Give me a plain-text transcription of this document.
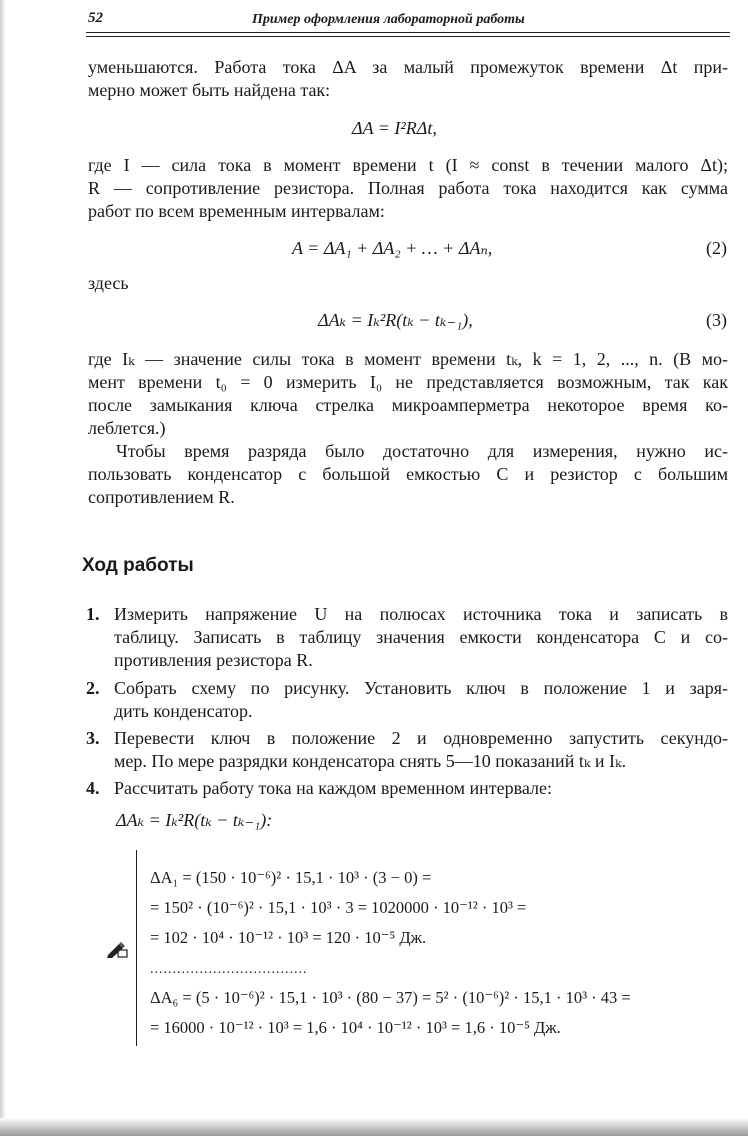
52	Пример оформления лабораторной работы
уменьшаются. Работа тока ΔA за малый промежуток времени Δt при-
мерно может быть найдена так:
ΔA = I²RΔt,
где I — сила тока в момент времени t (I ≈ const в течении малого Δt);
R — сопротивление резистора. Полная работа тока находится как сумма
работ по всем временным интервалам:
A = ΔA₁ + ΔA₂ + … + ΔAₙ,	(2)
здесь
ΔAₖ = Iₖ²R(tₖ − tₖ₋₁),	(3)
где Iₖ — значение силы тока в момент времени tₖ, k = 1, 2, ..., n. (В мо-
мент времени t₀ = 0 измерить I₀ не представляется возможным, так как
после замыкания ключа стрелка микроамперметра некоторое время ко-
леблется.)
Чтобы время разряда было достаточно для измерения, нужно ис-
пользовать конденсатор с большой емкостью C и резистор с большим
сопротивлением R.
Ход работы
1. Измерить напряжение U на полюсах источника тока и записать в
таблицу. Записать в таблицу значения емкости конденсатора C и со-
противления резистора R.
2. Собрать схему по рисунку. Установить ключ в положение 1 и заря-
дить конденсатор.
3. Перевести ключ в положение 2 и одновременно запустить секундо-
мер. По мере разрядки конденсатора снять 5—10 показаний tₖ и Iₖ.
4. Рассчитать работу тока на каждом временном интервале:
ΔAₖ = Iₖ²R(tₖ − tₖ₋₁):
ΔA₁ = (150 · 10⁻⁶)² · 15,1 · 10³ · (3 − 0) =
= 150² · (10⁻⁶)² · 15,1 · 10³ · 3 = 1020000 · 10⁻¹² · 10³ =
= 102 · 10⁴ · 10⁻¹² · 10³ = 120 · 10⁻⁵ Дж.
...................................
ΔA₆ = (5 · 10⁻⁶)² · 15,1 · 10³ · (80 − 37) = 5² · (10⁻⁶)² · 15,1 · 10³ · 43 =
= 16000 · 10⁻¹² · 10³ = 1,6 · 10⁴ · 10⁻¹² · 10³ = 1,6 · 10⁻⁵ Дж.
